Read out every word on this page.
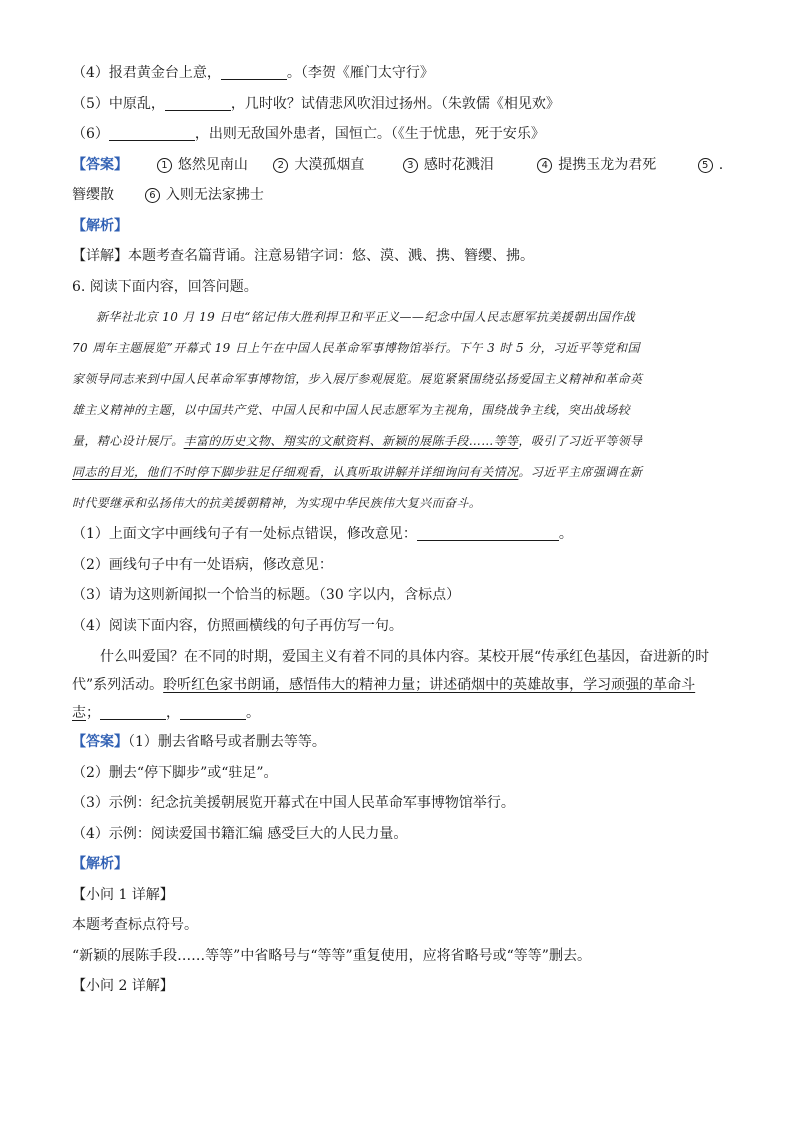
（4）报君黄金台上意，	。（李贺《雁门太守行》
（5）中原乱，	，几时收？试倩悲风吹泪过扬州。（朱敦儒《相见欢》
（6）	，出则无敌国外患者，国恒亡。（《生于忧患，死于安乐》
【答案】	1 悠然见南山	2 大漠孤烟直	3 感时花溅泪	4 提携玉龙为君死	5 .
簪缨散	6 入则无法家拂士
【解析】
【详解】本题考查名篇背诵。注意易错字词：悠、漠、溅、携、簪缨、拂。
6. 阅读下面内容，回答问题。

新华社北京 10 月 19 日电“铭记伟大胜利捍卫和平正义——纪念中国人民志愿军抗美援朝出国作战

70 周年主题展览”开幕式 19 日上午在中国人民革命军事博物馆举行。下午 3 时 5 分，习近平等党和国

家领导同志来到中国人民革命军事博物馆，步入展厅参观展览。展览紧紧围绕弘扬爱国主义精神和革命英

雄主义精神的主题，以中国共产党、中国人民和中国人民志愿军为主视角，围绕战争主线，突出战场较

量，精心设计展厅。丰富的历史文物、翔实的文献资料、新颖的展陈手段……等等，吸引了习近平等领导

同志的目光，他们不时停下脚步驻足仔细观看，认真听取讲解并详细询问有关情况。习近平主席强调在新

时代要继承和弘扬伟大的抗美援朝精神，为实现中华民族伟大复兴而奋斗。

（1）上面文字中画线句子有一处标点错误，修改意见：	。
（2）画线句子中有一处语病，修改意见：
（3）请为这则新闻拟一个恰当的标题。（30 字以内，含标点）
（4）阅读下面内容，仿照画横线的句子再仿写一句。

什么叫爱国？在不同的时期，爱国主义有着不同的具体内容。某校开展“传承红色基因，奋进新的时

代”系列活动。聆听红色家书朗诵，感悟伟大的精神力量；讲述硝烟中的英雄故事，学习顽强的革命斗

志；	，	。

【答案】（1）删去省略号或者删去等等。
（2）删去“停下脚步”或“驻足”。
（3）示例：纪念抗美援朝展览开幕式在中国人民革命军事博物馆举行。
（4）示例：阅读爱国书籍汇编 感受巨大的人民力量。
【解析】
【小问 1 详解】
本题考查标点符号。
“新颖的展陈手段……等等”中省略号与“等等”重复使用，应将省略号或“等等”删去。
【小问 2 详解】
